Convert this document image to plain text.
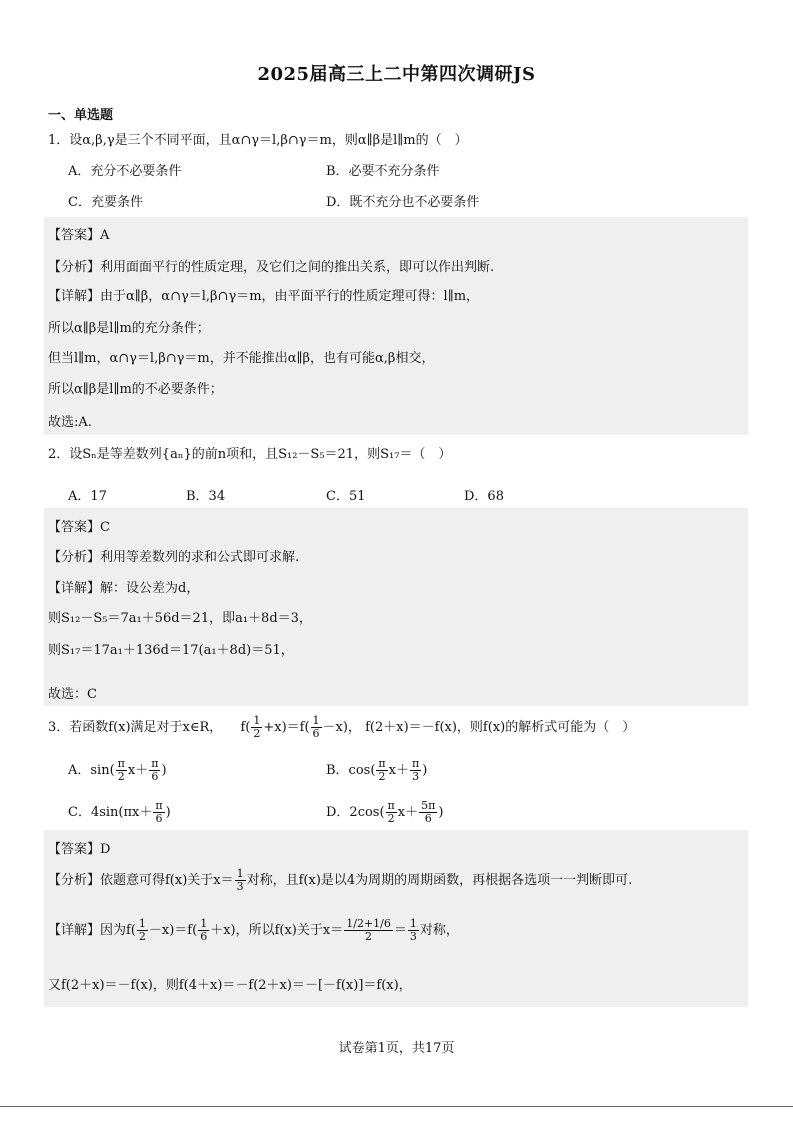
2025届高三上二中第四次调研JS
一、单选题
1．设α,β,γ是三个不同平面，且α∩γ＝l,β∩γ＝m，则α∥β是l∥m的（　）
A．充分不必要条件	B．必要不充分条件
C．充要条件	D．既不充分也不必要条件
【答案】A
【分析】利用面面平行的性质定理，及它们之间的推出关系，即可以作出判断.
【详解】由于α∥β，α∩γ＝l,β∩γ＝m，由平面平行的性质定理可得：l∥m，
所以α∥β是l∥m的充分条件；
但当l∥m，α∩γ＝l,β∩γ＝m，并不能推出α∥β，也有可能α,β相交，
所以α∥β是l∥m的不必要条件；
故选:A.
2．设Sₙ是等差数列{aₙ}的前n项和，且S₁₂－S₅＝21，则S₁₇＝（　）
A．17	B．34	C．51	D．68
【答案】C
【分析】利用等差数列的求和公式即可求解.
【详解】解：设公差为d，
则S₁₂－S₅＝7a₁＋56d＝21，即a₁＋8d＝3，
则S₁₇＝17a₁＋136d＝17(a₁＋8d)＝51，
故选：C
3．若函数f(x)满足对于x∈R， $f( \frac{1}{2} +x)=f( \frac{1}{6} -x)$， f(2＋x)＝－f(x)，则f(x)的解析式可能为（　）
A．$\sin( \frac{\pi}{2} x+ \frac{\pi}{6}$ )	B．$\cos( \frac{\pi}{2} x+ \frac{\pi}{3}$ )
C．$4\sin(\pi x+ \frac{\pi}{6}$ )	D．$2\cos( \frac{\pi}{2} x+ \frac{5\pi}{6}$ )
【答案】D
【分析】依题意可得f(x)关于$x= \frac{1}{3}$ 对称，且f(x)是以4为周期的周期函数，再根据各选项一一判断即可.
【详解】因为$f( \frac{1}{2} -x)=f( \frac{1}{6} +x)$，所以f(x)关于$x= \frac{1/2+1/6}{2} = \frac{1}{3}$ 对称，
又f(2＋x)＝－f(x)，则f(4＋x)＝－f(2＋x)＝－[－f(x)]＝f(x)，
试卷第1页，共17页
